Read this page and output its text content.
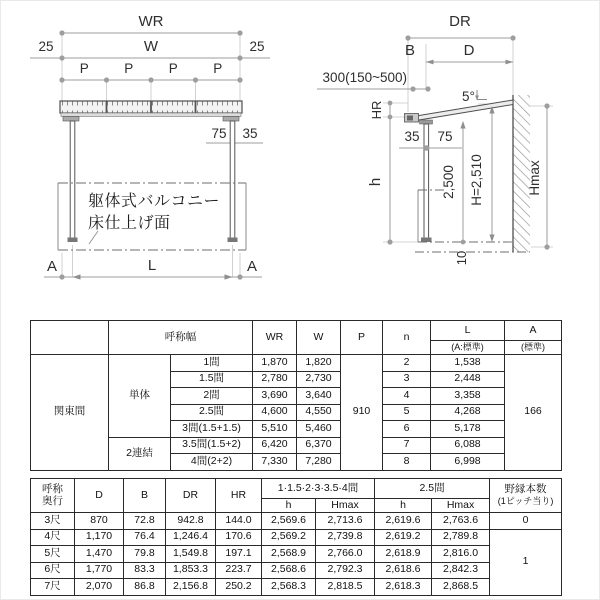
WR
W
25	25
P	P	P	P
75 35
躯体式バルコニー
床仕上げ面
A	L	A
DR
B	D
300(150~500)
5°
HR
35 75
h	2,500 H=2,510	Hmax
10
	呼称幅		WR	W	P	n	L	A
							(A:標準)	(標準)
関東間	単体	1間	1,870	1,820	910	2	1,538	166
		1.5間	2,780	2,730		3	2,448	
		2間	3,690	3,640		4	3,358	
		2.5間	4,600	4,550		5	4,268	
		3間(1.5+1.5)	5,510	5,460		6	5,178	
	2連結	3.5間(1.5+2)	6,420	6,370		7	6,088	
		4間(2+2)	7,330	7,280		8	6,998	
呼称
奥行	D	B	DR	HR	1·1.5·2·3·3.5·4間		2.5間		野縁本数
(1ピッチ当り)
					h	Hmax	h	Hmax	
3尺	870	72.8	942.8	144.0	2,569.6	2,713.6	2,619.6	2,763.6	0
4尺	1,170	76.4	1,246.4	170.6	2,569.2	2,739.8	2,619.2	2,789.8	1
5尺	1,470	79.8	1,549.8	197.1	2,568.9	2,766.0	2,618.9	2,816.0	
6尺	1,770	83.3	1,853.3	223.7	2,568.6	2,792.3	2,618.6	2,842.3	
7尺	2,070	86.8	2,156.8	250.2	2,568.3	2,818.5	2,618.3	2,868.5	
